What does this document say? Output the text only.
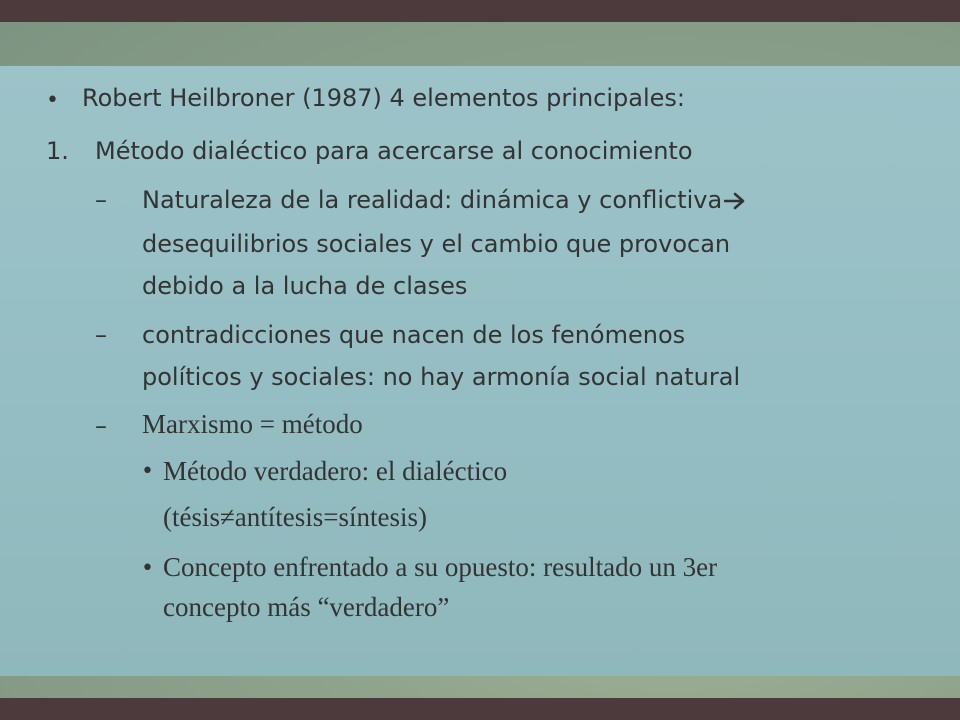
• Robert Heilbroner (1987) 4 elementos principales:
1. Método dialéctico para acercarse al conocimiento
– Naturaleza de la realidad: dinámica y conflictiva
desequilibrios sociales y el cambio que provocan
debido a la lucha de clases
– contradicciones que nacen de los fenómenos
políticos y sociales: no hay armonía social natural
– Marxismo = método
• Método verdadero: el dialéctico
(tésis≠antítesis=síntesis)
• Concepto enfrentado a su opuesto: resultado un 3er
concepto más “verdadero”
